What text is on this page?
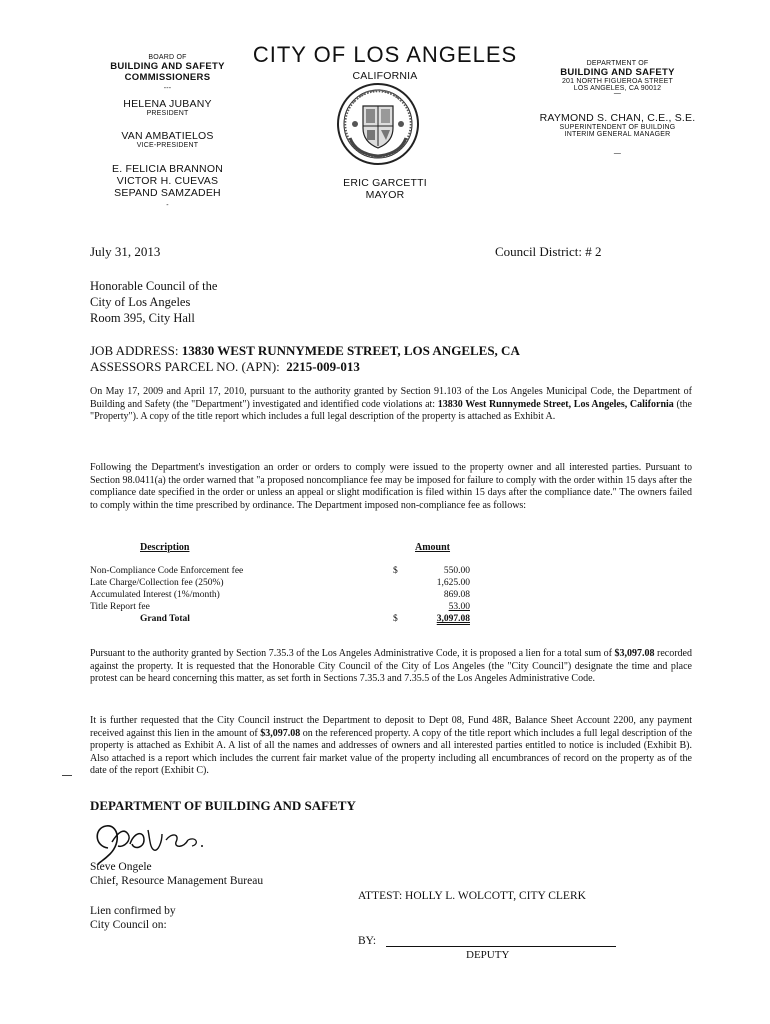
BOARD OF
BUILDING AND SAFETY
COMMISSIONERS
---
HELENA JUBANY
PRESIDENT
VAN AMBATIELOS
VICE-PRESIDENT
E. FELICIA BRANNON
VICTOR H. CUEVAS
SEPAND SAMZADEH
-
CITY OF LOS ANGELES
CALIFORNIA
ERIC GARCETTI
MAYOR
DEPARTMENT OF
BUILDING AND SAFETY
201 NORTH FIGUEROA STREET
LOS ANGELES, CA 90012
—
RAYMOND S. CHAN, C.E., S.E.
SUPERINTENDENT OF BUILDING
INTERIM GENERAL MANAGER
—
July 31, 2013	Council District: # 2
Honorable Council of the
City of Los Angeles
Room 395, City Hall
JOB ADDRESS: 13830 WEST RUNNYMEDE STREET, LOS ANGELES, CA
ASSESSORS PARCEL NO. (APN): 2215-009-013
On May 17, 2009 and April 17, 2010, pursuant to the authority granted by Section 91.103 of the Los Angeles Municipal Code, the Department of Building and Safety (the "Department") investigated and identified code violations at: 13830 West Runnymede Street, Los Angeles, California (the "Property"). A copy of the title report which includes a full legal description of the property is attached as Exhibit A.
Following the Department's investigation an order or orders to comply were issued to the property owner and all interested parties. Pursuant to Section 98.0411(a) the order warned that "a proposed noncompliance fee may be imposed for failure to comply with the order within 15 days after the compliance date specified in the order or unless an appeal or slight modification is filed within 15 days after the compliance date." The owners failed to comply within the time prescribed by ordinance. The Department imposed non-compliance fee as follows:
Description	Amount
Non-Compliance Code Enforcement fee	$	550.00
Late Charge/Collection fee (250%)		1,625.00
Accumulated Interest (1%/month)		869.08
Title Report fee		53.00
Grand Total	$	3,097.08
Pursuant to the authority granted by Section 7.35.3 of the Los Angeles Administrative Code, it is proposed a lien for a total sum of $3,097.08 recorded against the property. It is requested that the Honorable City Council of the City of Los Angeles (the "City Council") designate the time and place protest can be heard concerning this matter, as set forth in Sections 7.35.3 and 7.35.5 of the Los Angeles Administrative Code.
It is further requested that the City Council instruct the Department to deposit to Dept 08, Fund 48R, Balance Sheet Account 2200, any payment received against this lien in the amount of $3,097.08 on the referenced property. A copy of the title report which includes a full legal description of the property is attached as Exhibit A. A list of all the names and addresses of owners and all interested parties entitled to notice is included (Exhibit B). Also attached is a report which includes the current fair market value of the property including all encumbrances of record on the property as of the date of the report (Exhibit C).
DEPARTMENT OF BUILDING AND SAFETY
Steve Ongele
Chief, Resource Management Bureau
ATTEST: HOLLY L. WOLCOTT, CITY CLERK
Lien confirmed by
City Council on:
BY:
DEPUTY
